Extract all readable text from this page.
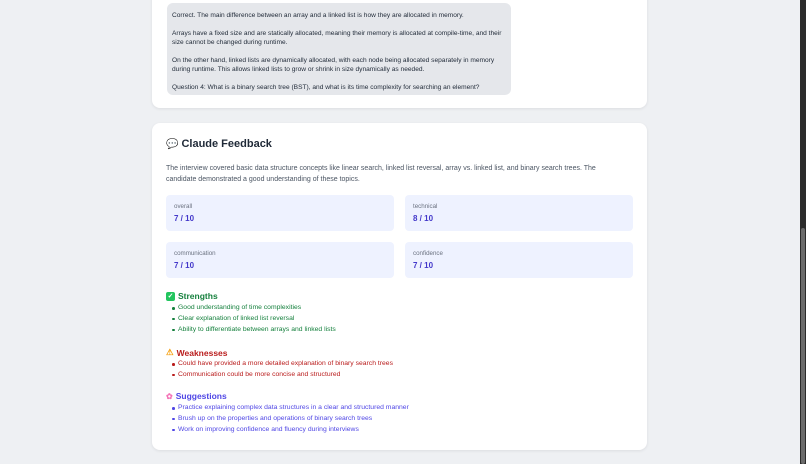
Correct. The main difference between an array and a linked list is how they are allocated in memory.

Arrays have a fixed size and are statically allocated, meaning their memory is allocated at compile-time, and their size cannot be changed during runtime.

On the other hand, linked lists are dynamically allocated, with each node being allocated separately in memory during runtime. This allows linked lists to grow or shrink in size dynamically as needed.

Question 4: What is a binary search tree (BST), and what is its time complexity for searching an element?

💬 Claude Feedback
The interview covered basic data structure concepts like linear search, linked list reversal, array vs. linked list, and binary search trees. The candidate demonstrated a good understanding of these topics.
overall
7 / 10
technical
8 / 10
communication
7 / 10
confidence
7 / 10
✓ Strengths
Good understanding of time complexities
Clear explanation of linked list reversal
Ability to differentiate between arrays and linked lists
⚠ Weaknesses
Could have provided a more detailed explanation of binary search trees
Communication could be more concise and structured
✿ Suggestions
Practice explaining complex data structures in a clear and structured manner
Brush up on the properties and operations of binary search trees
Work on improving confidence and fluency during interviews
